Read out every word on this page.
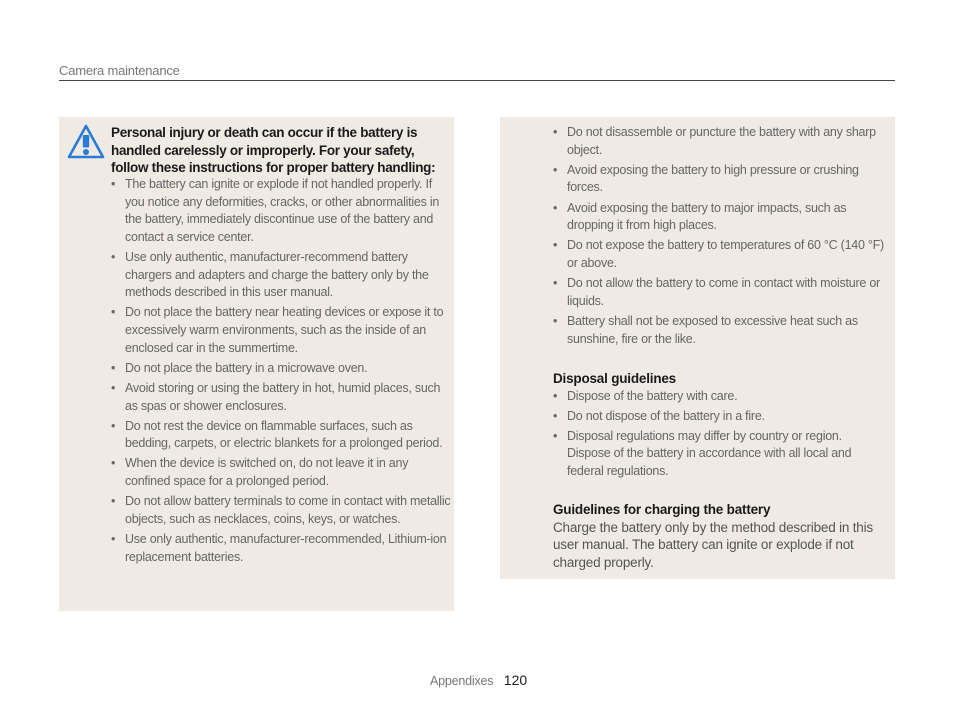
Camera maintenance
Personal injury or death can occur if the battery is handled carelessly or improperly. For your safety, follow these instructions for proper battery handling:
• The battery can ignite or explode if not handled properly. If you notice any deformities, cracks, or other abnormalities in the battery, immediately discontinue use of the battery and contact a service center.
• Use only authentic, manufacturer-recommend battery chargers and adapters and charge the battery only by the methods described in this user manual.
• Do not place the battery near heating devices or expose it to excessively warm environments, such as the inside of an enclosed car in the summertime.
• Do not place the battery in a microwave oven.
• Avoid storing or using the battery in hot, humid places, such as spas or shower enclosures.
• Do not rest the device on flammable surfaces, such as bedding, carpets, or electric blankets for a prolonged period.
• When the device is switched on, do not leave it in any confined space for a prolonged period.
• Do not allow battery terminals to come in contact with metallic objects, such as necklaces, coins, keys, or watches.
• Use only authentic, manufacturer-recommended, Lithium-ion replacement batteries.
• Do not disassemble or puncture the battery with any sharp object.
• Avoid exposing the battery to high pressure or crushing forces.
• Avoid exposing the battery to major impacts, such as dropping it from high places.
• Do not expose the battery to temperatures of 60 °C (140 °F) or above.
• Do not allow the battery to come in contact with moisture or liquids.
• Battery shall not be exposed to excessive heat such as sunshine, fire or the like.
Disposal guidelines
• Dispose of the battery with care.
• Do not dispose of the battery in a fire.
• Disposal regulations may differ by country or region. Dispose of the battery in accordance with all local and federal regulations.
Guidelines for charging the battery

Charge the battery only by the method described in this user manual. The battery can ignite or explode if not charged properly.

Appendixes 120
